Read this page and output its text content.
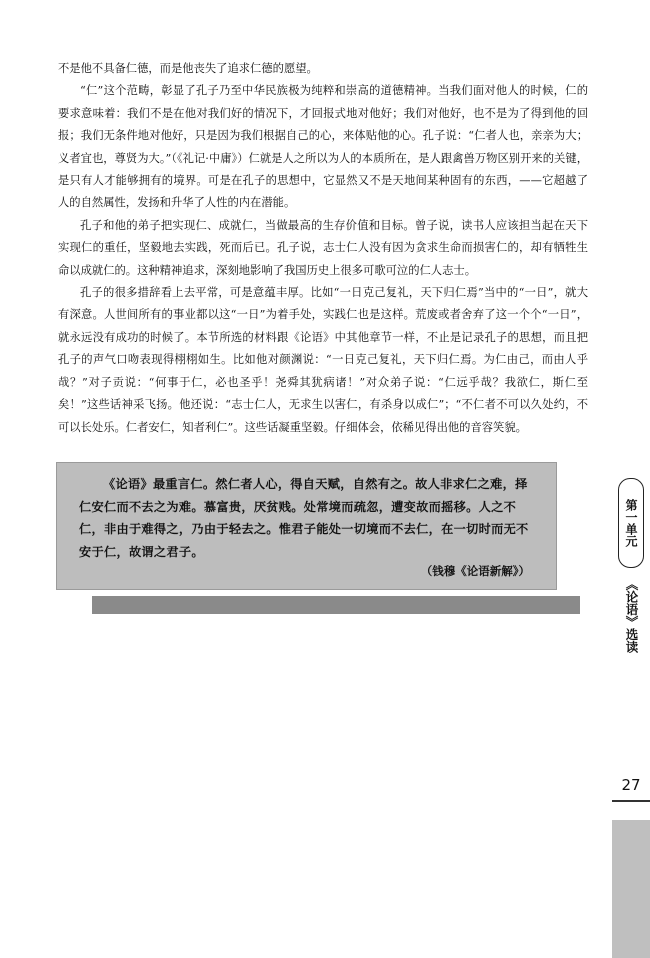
不是他不具备仁德，而是他丧失了追求仁德的愿望。

“仁”这个范畴，彰显了孔子乃至中华民族极为纯粹和崇高的道德精神。当我们面对他人的时候，仁的要求意味着：我们不是在他对我们好的情况下，才回报式地对他好；我们对他好，也不是为了得到他的回报；我们无条件地对他好，只是因为我们根据自己的心，来体贴他的心。孔子说：“仁者人也，亲亲为大；义者宜也，尊贤为大。”（《礼记·中庸》）仁就是人之所以为人的本质所在，是人跟禽兽万物区别开来的关键，是只有人才能够拥有的境界。可是在孔子的思想中，它显然又不是天地间某种固有的东西，——它超越了人的自然属性，发扬和升华了人性的内在潜能。

孔子和他的弟子把实现仁、成就仁，当做最高的生存价值和目标。曾子说，读书人应该担当起在天下实现仁的重任，坚毅地去实践，死而后已。孔子说，志士仁人没有因为贪求生命而损害仁的，却有牺牲生命以成就仁的。这种精神追求，深刻地影响了我国历史上很多可歌可泣的仁人志士。

孔子的很多措辞看上去平常，可是意蕴丰厚。比如“一日克己复礼，天下归仁焉”当中的“一日”，就大有深意。人世间所有的事业都以这“一日”为着手处，实践仁也是这样。荒废或者舍弃了这一个个“一日”，就永远没有成功的时候了。本节所选的材料跟《论语》中其他章节一样，不止是记录孔子的思想，而且把孔子的声气口吻表现得栩栩如生。比如他对颜渊说：“一日克己复礼，天下归仁焉。为仁由己，而由人乎哉？”对子贡说：“何事于仁，必也圣乎！尧舜其犹病诸！”对众弟子说：“仁远乎哉？我欲仁，斯仁至矣！”这些话神采飞扬。他还说：“志士仁人，无求生以害仁，有杀身以成仁”；“不仁者不可以久处约，不可以长处乐。仁者安仁，知者利仁”。这些话凝重坚毅。仔细体会，依稀见得出他的音容笑貌。

《论语》最重言仁。然仁者人心，得自天赋，自然有之。故人非求仁之难，择仁安仁而不去之为难。慕富贵，厌贫贱。处常境而疏忽，遭变故而摇移。人之不仁，非由于难得之，乃由于轻去之。惟君子能处一切境而不去仁，在一切时而无不安于仁，故谓之君子。

（钱穆《论语新解》）
第一单元
《论语》选读
27
